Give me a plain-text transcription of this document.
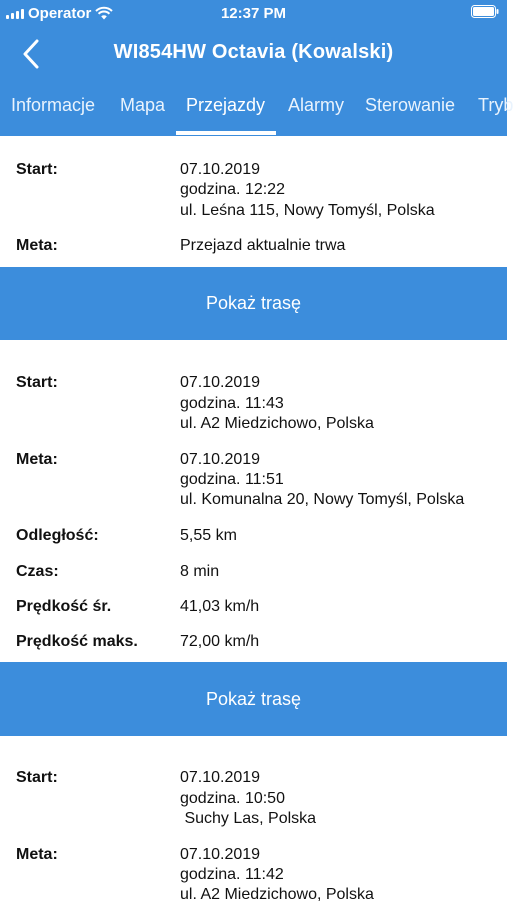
Operator	12:37 PM
WI854HW Octavia (Kowalski)
Informacje Mapa Przejazdy Alarmy Sterowanie Tryb
Start:	07.10.2019
godzina. 12:22
ul. Leśna 115, Nowy Tomyśl, Polska
Meta:	Przejazd aktualnie trwa
Pokaż trasę
Start:	07.10.2019
godzina. 11:43
ul. A2 Miedzichowo, Polska
Meta:	07.10.2019
godzina. 11:51
ul. Komunalna 20, Nowy Tomyśl, Polska
Odległość:	5,55 km
Czas:	8 min
Prędkość śr.	41,03 km/h
Prędkość maks.	72,00 km/h
Pokaż trasę
Start:	07.10.2019
godzina. 10:50
Suchy Las, Polska
Meta:	07.10.2019
godzina. 11:42
ul. A2 Miedzichowo, Polska
